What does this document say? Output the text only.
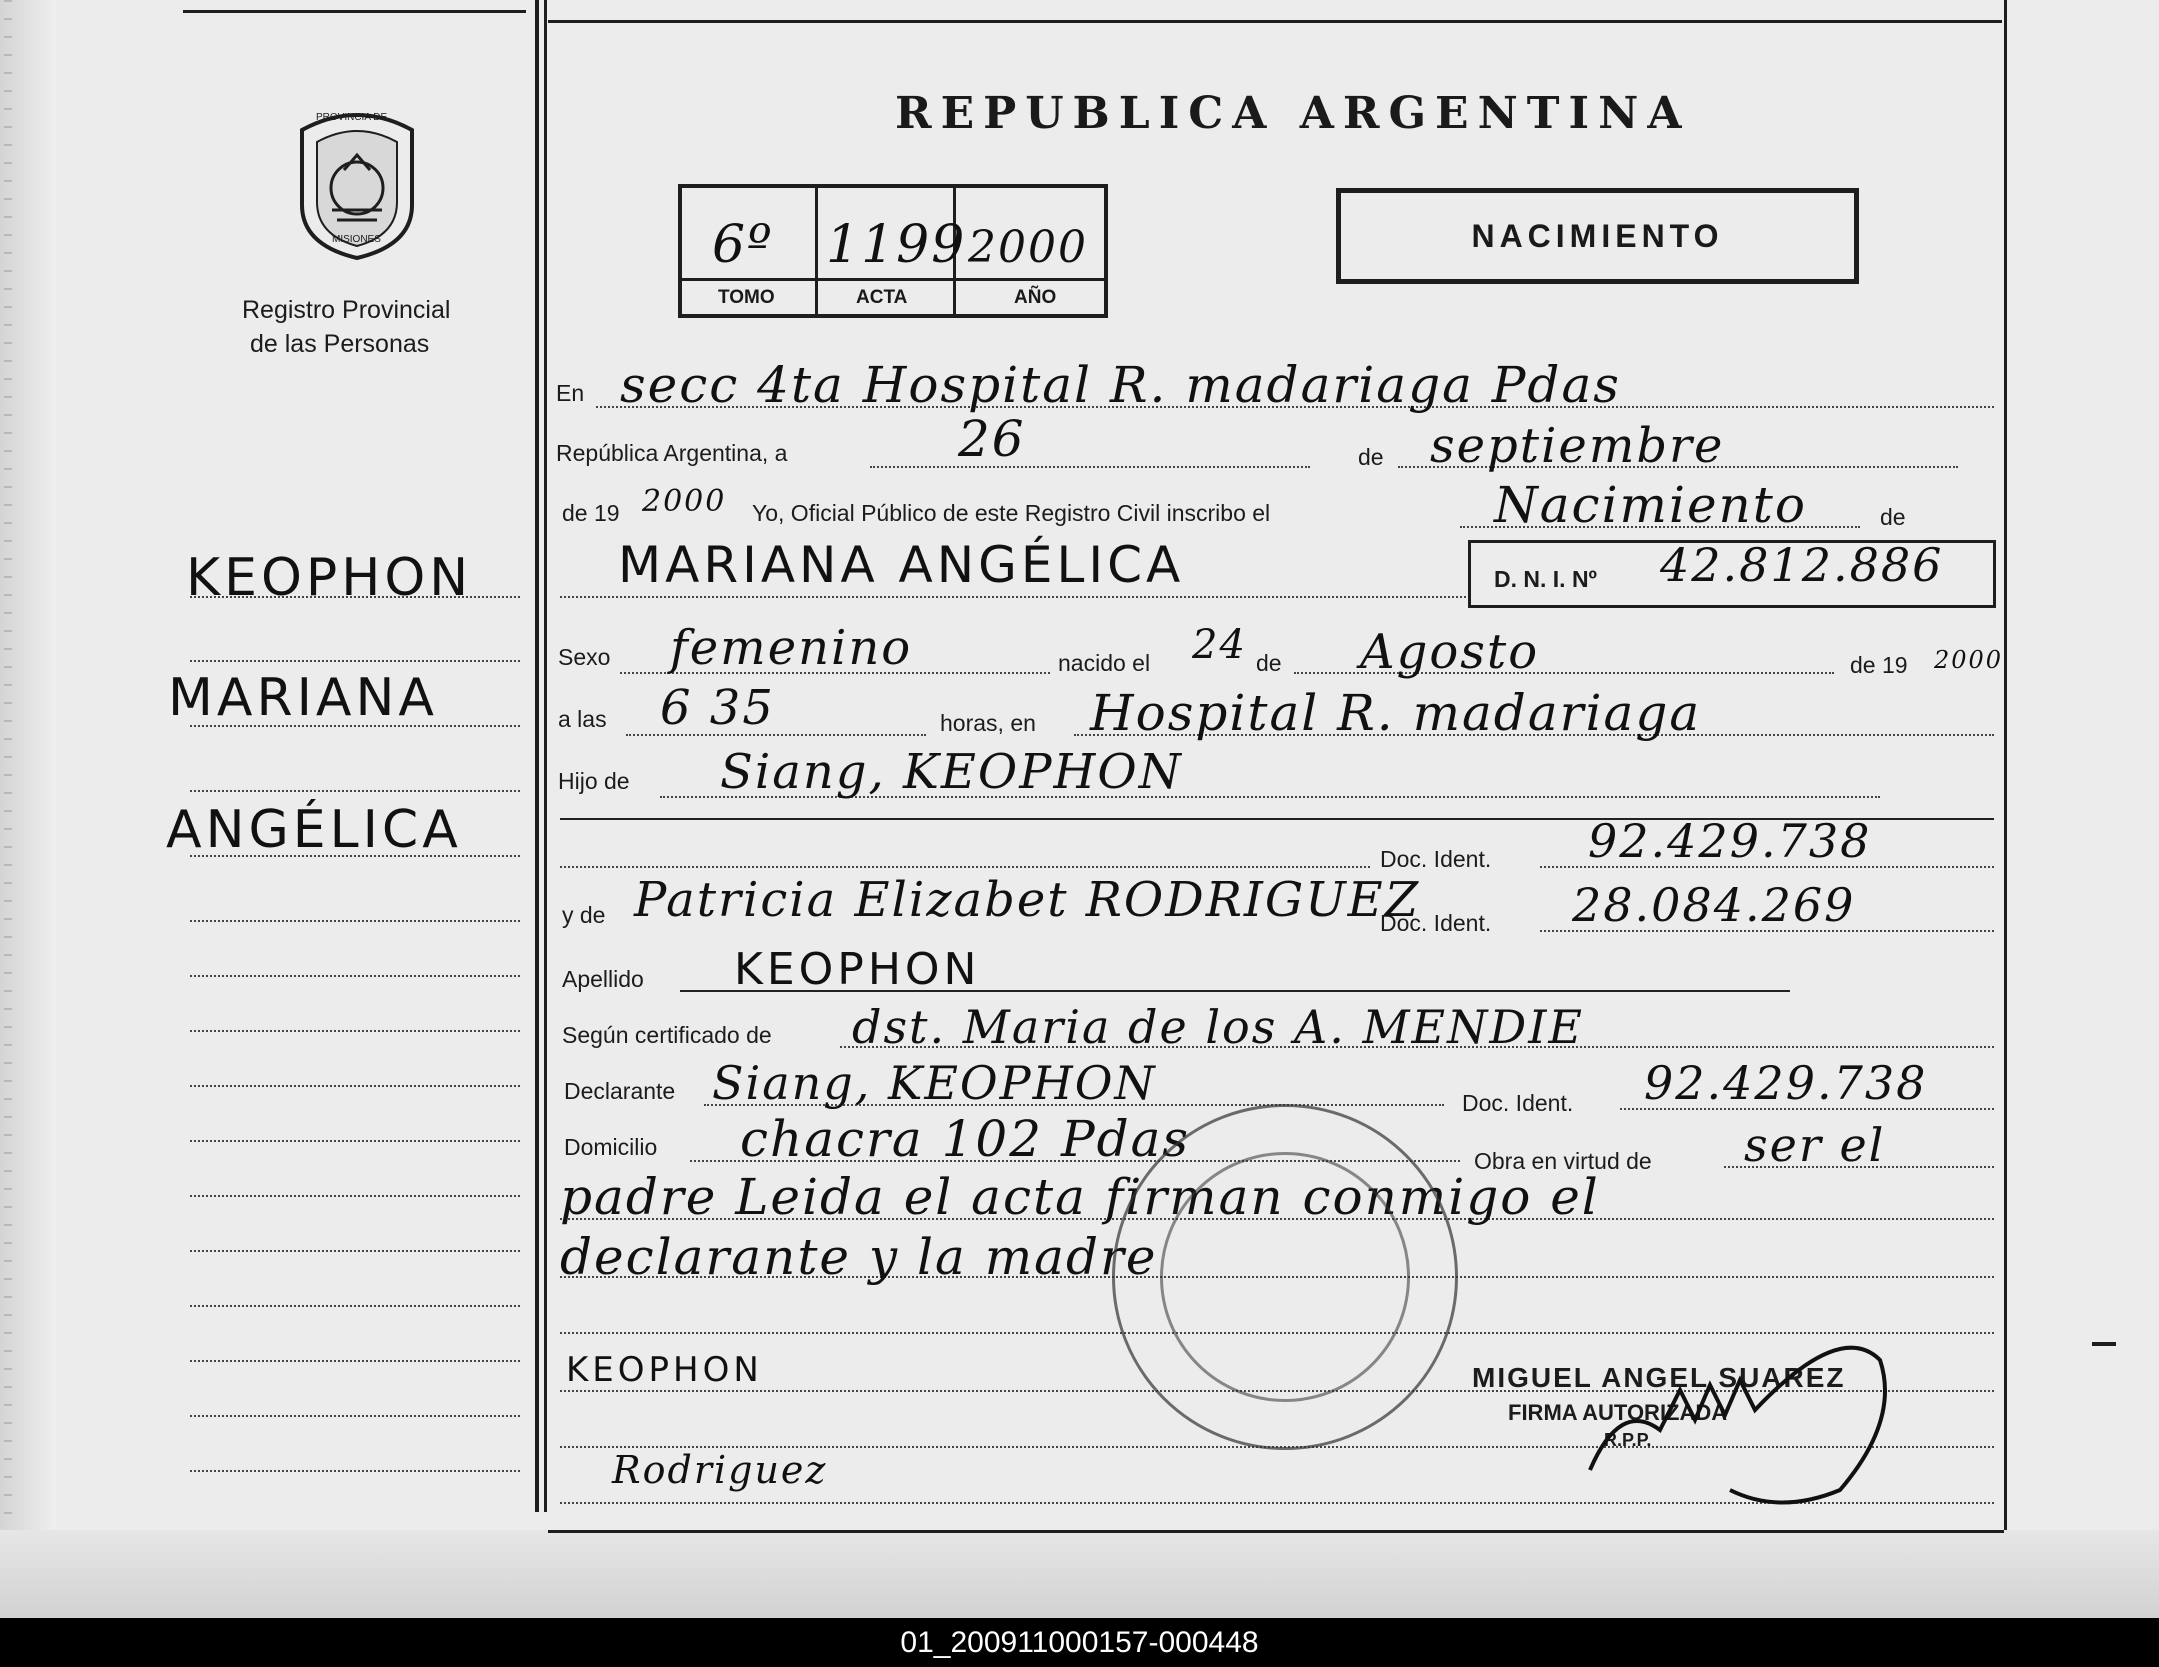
PROVINCIA DE
MISIONES
Registro Provincial
de las Personas
KEOPHON
MARIANA
ANGÉLICA
REPUBLICA ARGENTINA
6º 1199 2000
TOMO	ACTA	AÑO
NACIMIENTO
En secc 4ta Hospital R. madariaga Pdas
República Argentina, a	26	de septiembre
de 19 2000 Yo, Oficial Público de este Registro Civil inscribo el	Nacimiento	de
MARIANA ANGÉLICA	D. N. I. Nº 42.812.886
Sexo femenino	nacido el 24 de Agosto	de 19 2000
a las 6 35	horas, en Hospital R. madariaga
Hijo de Siang, KEOPHON
Doc. Ident. 92.429.738
y de Patricia Elizabet RODRIGUEZ
Doc. Ident. 28.084.269
Apellido KEOPHON
Según certificado de dst. Maria de los A. MENDIE
Declarante Siang, KEOPHON	Doc. Ident. 92.429.738
Domicilio chacra 102 Pdas	Obra en virtud de ser el
padre Leida el acta firman conmigo el
declarante y la madre
KEOPHON
Rodriguez
MIGUEL ANGEL SUAREZ
FIRMA AUTORIZADA
R.P.P.
01_200911000157-000448
